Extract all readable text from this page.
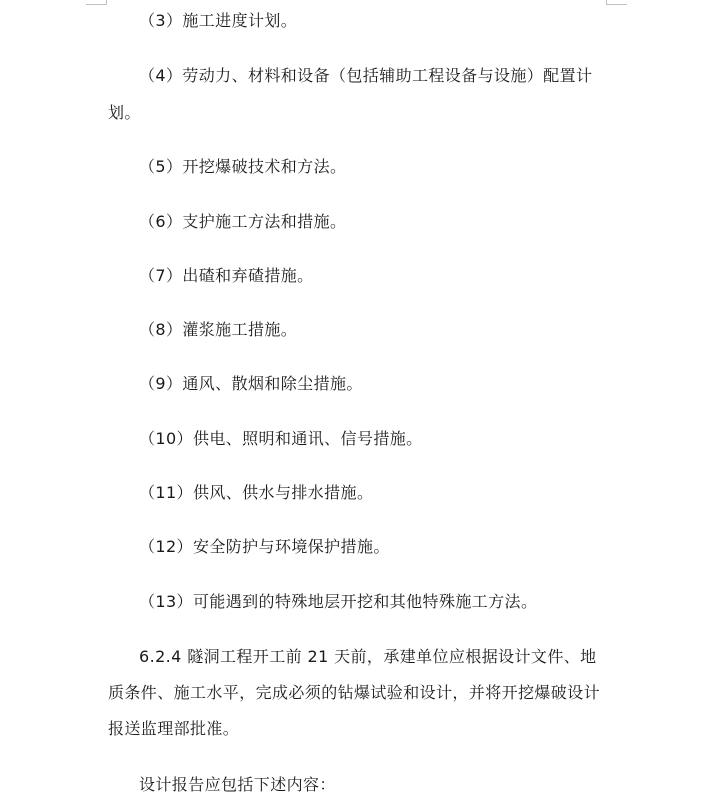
（3）施工进度计划。

（4）劳动力、材料和设备（包括辅助工程设备与设施）配置计

划。

（5）开挖爆破技术和方法。

（6）支护施工方法和措施。

（7）出碴和弃碴措施。

（8）灌浆施工措施。

（9）通风、散烟和除尘措施。

（10）供电、照明和通讯、信号措施。

（11）供风、供水与排水措施。

（12）安全防护与环境保护措施。

（13）可能遇到的特殊地层开挖和其他特殊施工方法。

6.2.4 隧洞工程开工前 21 天前，承建单位应根据设计文件、地

质条件、施工水平，完成必须的钻爆试验和设计，并将开挖爆破设计

报送监理部批准。

设计报告应包括下述内容：
